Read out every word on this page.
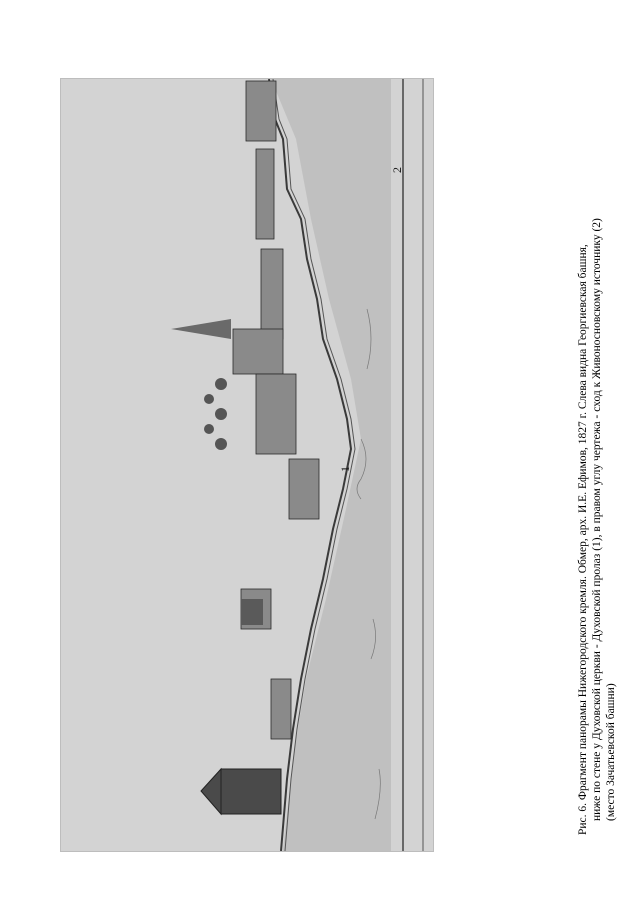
1
2
Рис. 6. Фрагмент панорамы Нижегородского кремля. Обмер, арх. И.Е. Ефимов, 1827 г. Слева видна Георгиевская башня, ниже по стене у Духовской церкви - Духовской пролаз (1), в правом углу чертежа - сход к Живоносновскому источнику (2) (место Зачатьевской башни)
